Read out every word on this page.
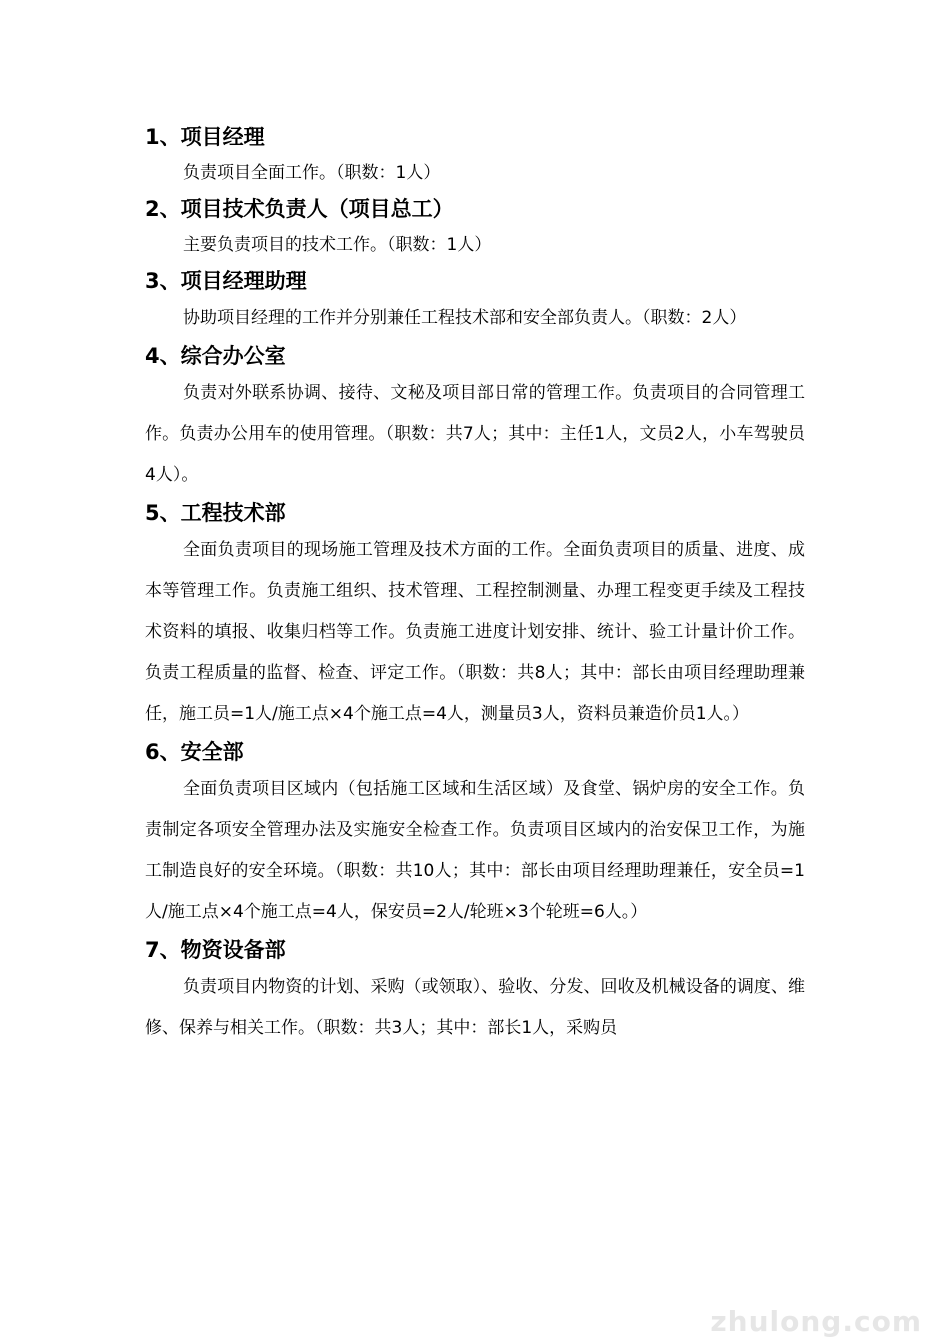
1、项目经理

负责项目全面工作。（职数：1人）

2、项目技术负责人（项目总工）

主要负责项目的技术工作。（职数：1人）

3、项目经理助理

协助项目经理的工作并分别兼任工程技术部和安全部负责人。（职数：2人）

4、综合办公室

负责对外联系协调、接待、文秘及项目部日常的管理工作。负责项目的合同管理工作。负责办公用车的使用管理。（职数：共7人；其中：主任1人，文员2人，小车驾驶员4人）。

5、工程技术部

全面负责项目的现场施工管理及技术方面的工作。全面负责项目的质量、进度、成本等管理工作。负责施工组织、技术管理、工程控制测量、办理工程变更手续及工程技术资料的填报、收集归档等工作。负责施工进度计划安排、统计、验工计量计价工作。负责工程质量的监督、检查、评定工作。（职数：共8人；其中：部长由项目经理助理兼任，施工员=1人/施工点×4个施工点=4人，测量员3人，资料员兼造价员1人。）

6、安全部

全面负责项目区域内（包括施工区域和生活区域）及食堂、锅炉房的安全工作。负责制定各项安全管理办法及实施安全检查工作。负责项目区域内的治安保卫工作，为施工制造良好的安全环境。（职数：共10人；其中：部长由项目经理助理兼任，安全员=1人/施工点×4个施工点=4人，保安员=2人/轮班×3个轮班=6人。）

7、物资设备部

负责项目内物资的计划、采购（或领取）、验收、分发、回收及机械设备的调度、维修、保养与相关工作。（职数：共3人；其中：部长1人，采购员

zhulong.com
